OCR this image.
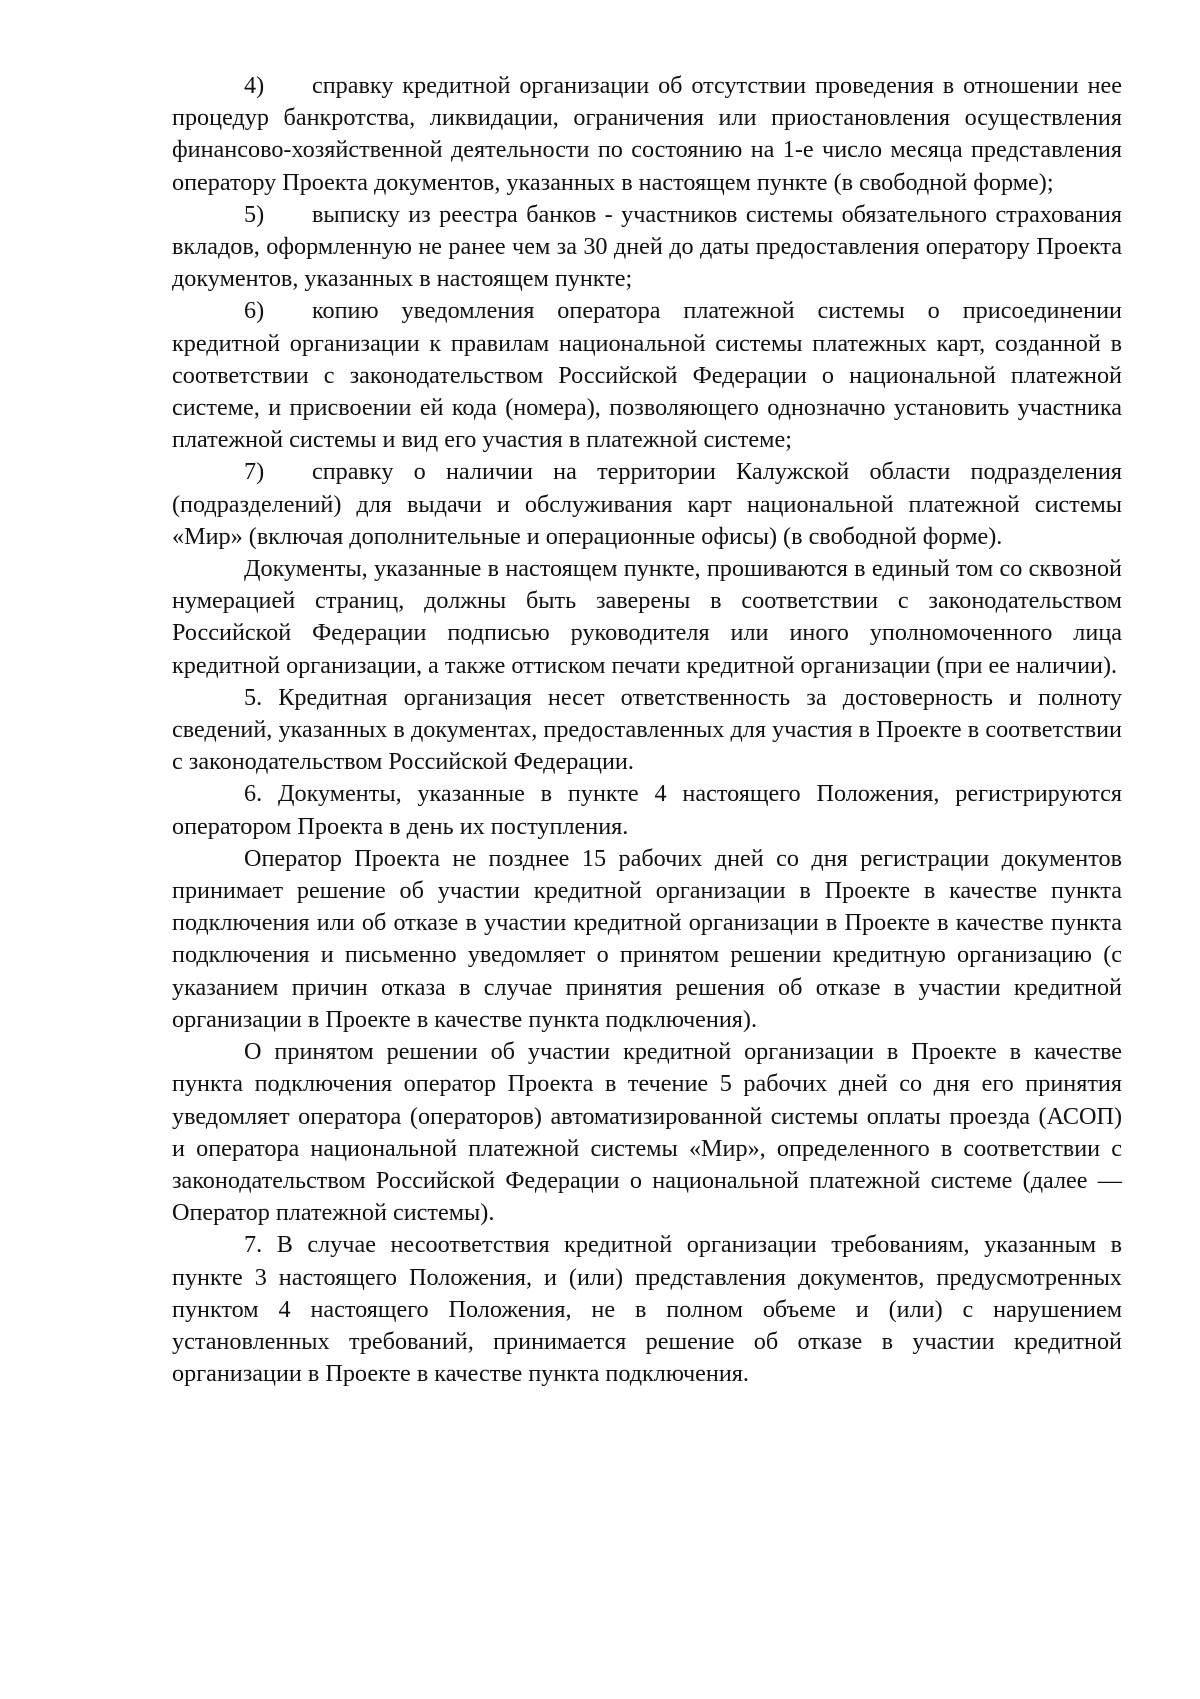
4) справку кредитной организации об отсутствии проведения в отношении нее процедур банкротства, ликвидации, ограничения или приостановления осуществления финансово-хозяйственной деятельности по состоянию на 1-е число месяца представления оператору Проекта документов, указанных в настоящем пункте (в свободной форме);

5) выписку из реестра банков - участников системы обязательного страхования вкладов, оформленную не ранее чем за 30 дней до даты предоставления оператору Проекта документов, указанных в настоящем пункте;

6) копию уведомления оператора платежной системы о присоединении кредитной организации к правилам национальной системы платежных карт, созданной в соответствии с законодательством Российской Федерации о национальной платежной системе, и присвоении ей кода (номера), позволяющего однозначно установить участника платежной системы и вид его участия в платежной системе;

7) справку о наличии на территории Калужской области подразделения (подразделений) для выдачи и обслуживания карт национальной платежной системы «Мир» (включая дополнительные и операционные офисы) (в свободной форме).

Документы, указанные в настоящем пункте, прошиваются в единый том со сквозной нумерацией страниц, должны быть заверены в соответствии с законодательством Российской Федерации подписью руководителя или иного уполномоченного лица кредитной организации, а также оттиском печати кредитной организации (при ее наличии).

5. Кредитная организация несет ответственность за достоверность и полноту сведений, указанных в документах, предоставленных для участия в Проекте в соответствии с законодательством Российской Федерации.

6. Документы, указанные в пункте 4 настоящего Положения, регистрируются оператором Проекта в день их поступления.

Оператор Проекта не позднее 15 рабочих дней со дня регистрации документов принимает решение об участии кредитной организации в Проекте в качестве пункта подключения или об отказе в участии кредитной организации в Проекте в качестве пункта подключения и письменно уведомляет о принятом решении кредитную организацию (с указанием причин отказа в случае принятия решения об отказе в участии кредитной организации в Проекте в качестве пункта подключения).

О принятом решении об участии кредитной организации в Проекте в качестве пункта подключения оператор Проекта в течение 5 рабочих дней со дня его принятия уведомляет оператора (операторов) автоматизированной системы оплаты проезда (АСОП) и оператора национальной платежной системы «Мир», определенного в соответствии с законодательством Российской Федерации о национальной платежной системе (далее — Оператор платежной системы).

7. В случае несоответствия кредитной организации требованиям, указанным в пункте 3 настоящего Положения, и (или) представления документов, предусмотренных пунктом 4 настоящего Положения, не в полном объеме и (или) с нарушением установленных требований, принимается решение об отказе в участии кредитной организации в Проекте в качестве пункта подключения.
